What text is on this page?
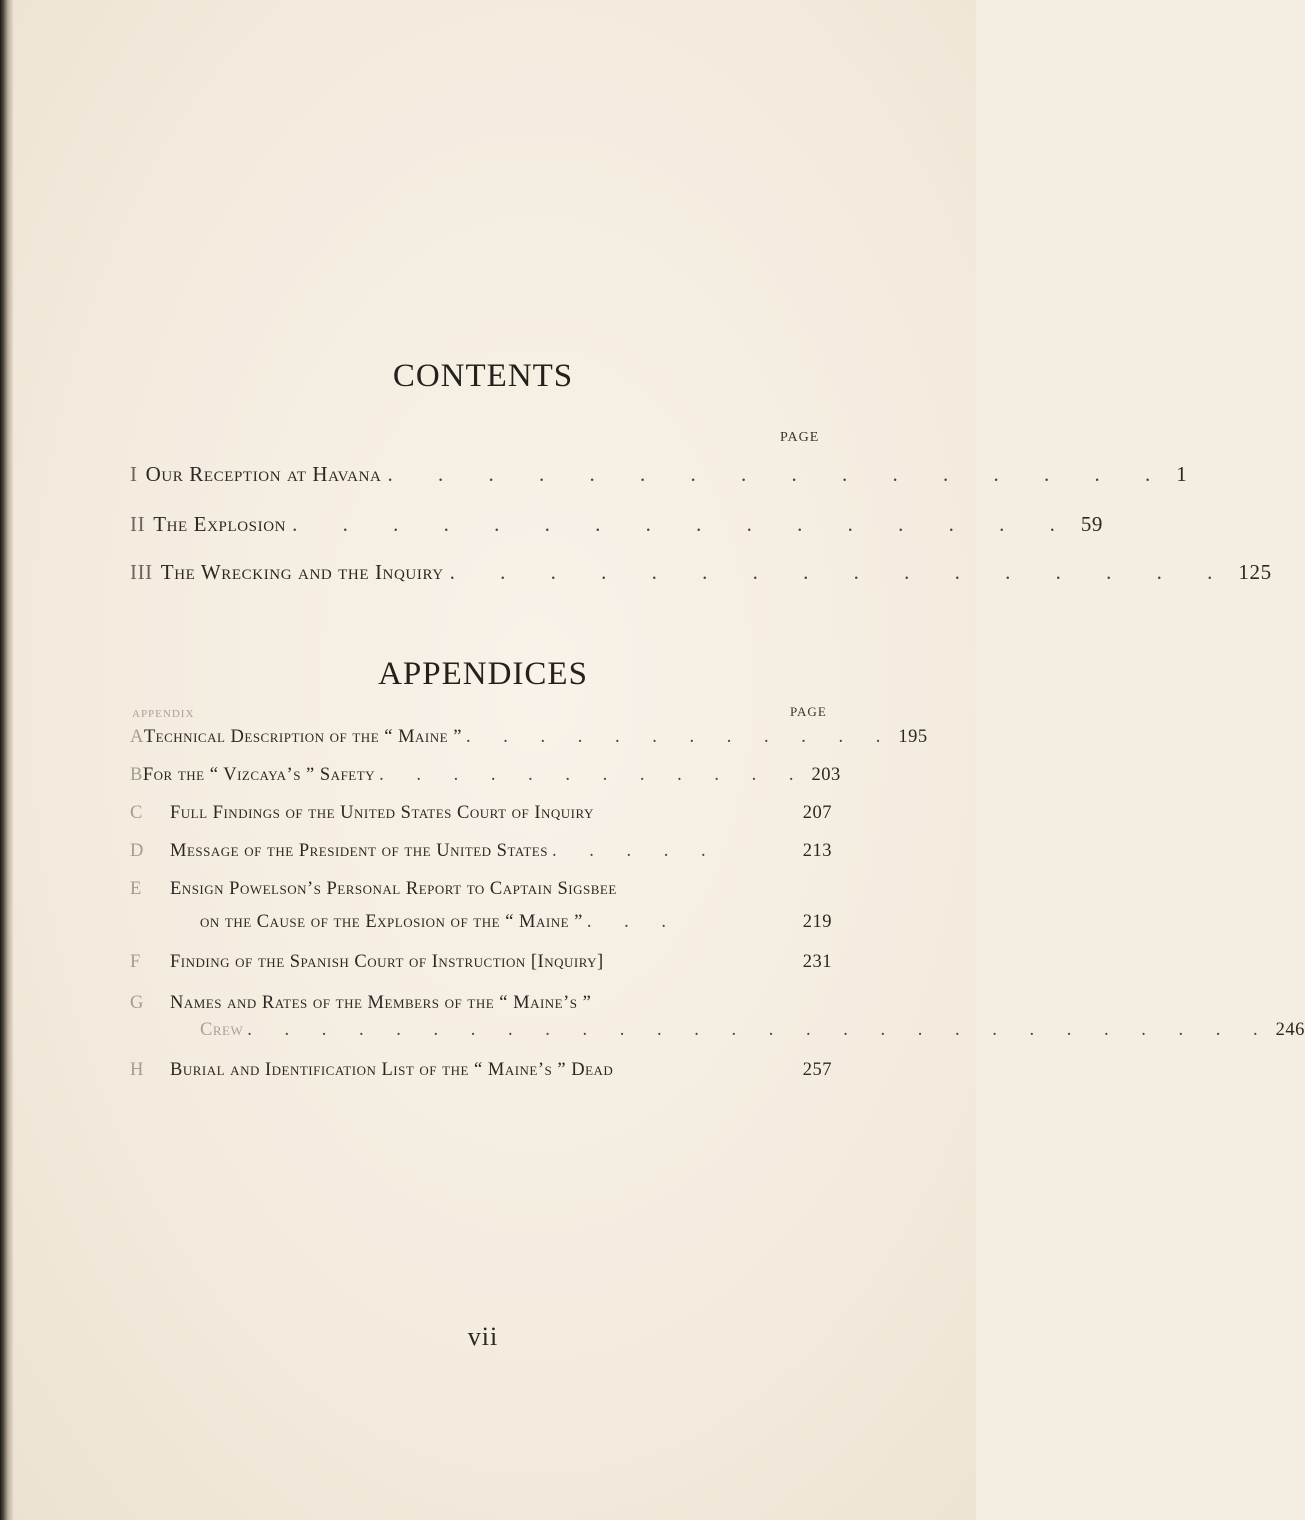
CONTENTS
PAGE
I Our Reception at Havana . . . . . . . . . . . . . . . . 1
II The Explosion . . . . . . . . . . . . . . . . 59
III The Wrecking and the Inquiry . . . . . . . . . . . . . . . . 125
APPENDICES
APPENDIX	PAGE
A Technical Description of the “ Maine ” . . . . . . . . . . . . 195
B For the “ Vizcaya’s ” Safety . . . . . . . . . . . . 203
C	Full Findings of the United States Court of Inquiry	207
D	Message of the President of the United States . . . . .	213
E	Ensign Powelson’s Personal Report to Captain Sigsbee
on the Cause of the Explosion of the “ Maine ” . . .	219
F	Finding of the Spanish Court of Instruction [Inquiry]	231
G	Names and Rates of the Members of the “ Maine’s ”
Crew . . . . . . . . . . . . . . . . . . . . . . . . . . . . 246
H	Burial and Identification List of the “ Maine’s ” Dead	257
vii
